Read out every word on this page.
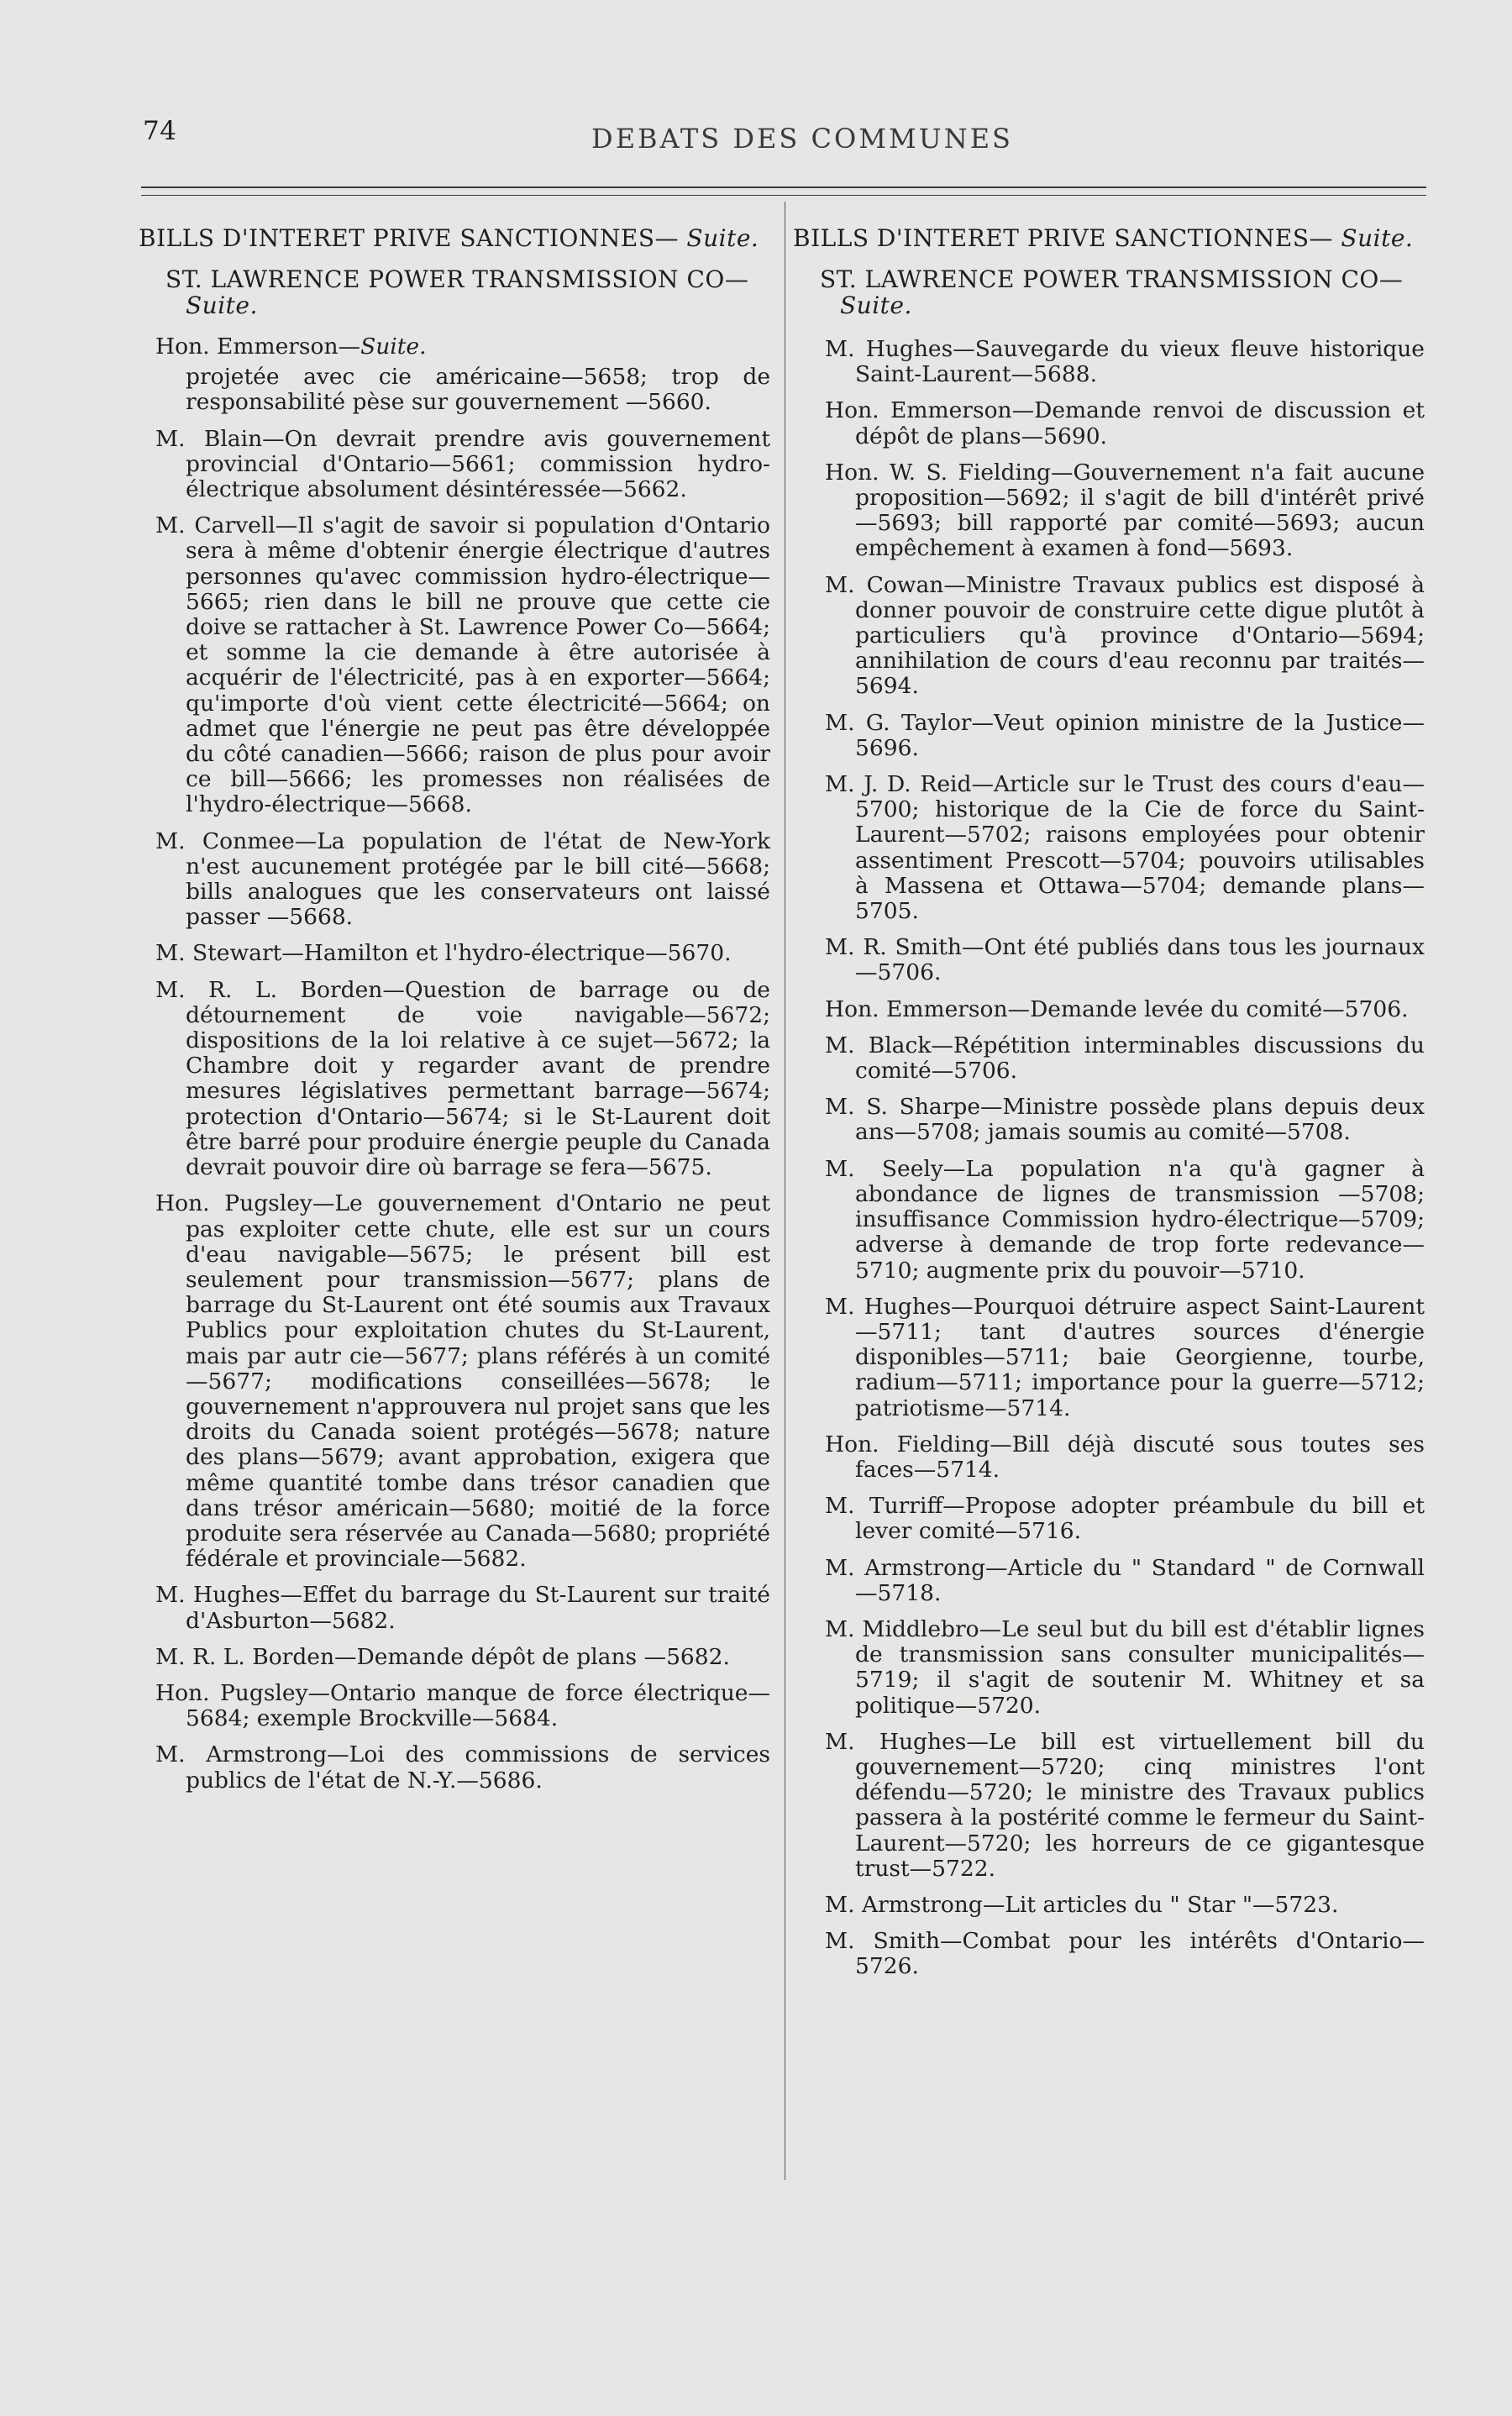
74	DEBATS DES COMMUNES
BILLS D'INTERET PRIVE SANCTIONNES— Suite.
ST. LAWRENCE POWER TRANSMISSION CO—Suite.
Hon. Emmerson—Suite.
projetée avec cie américaine—5658; trop de responsabilité pèse sur gouvernement —5660.
M. Blain—On devrait prendre avis gouvernement provincial d'Ontario—5661; commission hydro-électrique absolument désintéressée—5662.
M. Carvell—Il s'agit de savoir si population d'Ontario sera à même d'obtenir énergie électrique d'autres personnes qu'avec commission hydro-électrique—5665; rien dans le bill ne prouve que cette cie doive se rattacher à St. Lawrence Power Co—5664; et somme la cie demande à être autorisée à acquérir de l'électricité, pas à en exporter—5664; qu'importe d'où vient cette électricité—5664; on admet que l'énergie ne peut pas être développée du côté canadien—5666; raison de plus pour avoir ce bill—5666; les promesses non réalisées de l'hydro-électrique—5668.
M. Conmee—La population de l'état de New-York n'est aucunement protégée par le bill cité—5668; bills analogues que les conservateurs ont laissé passer —5668.
M. Stewart—Hamilton et l'hydro-électrique—5670.
M. R. L. Borden—Question de barrage ou de détournement de voie navigable—5672; dispositions de la loi relative à ce sujet—5672; la Chambre doit y regarder avant de prendre mesures législatives permettant barrage—5674; protection d'Ontario—5674; si le St-Laurent doit être barré pour produire énergie peuple du Canada devrait pouvoir dire où barrage se fera—5675.
Hon. Pugsley—Le gouvernement d'Ontario ne peut pas exploiter cette chute, elle est sur un cours d'eau navigable—5675; le présent bill est seulement pour transmission—5677; plans de barrage du St-Laurent ont été soumis aux Travaux Publics pour exploitation chutes du St-Laurent, mais par autr cie—5677; plans référés à un comité—5677; modifications conseillées—5678; le gouvernement n'approuvera nul projet sans que les droits du Canada soient protégés—5678; nature des plans—5679; avant approbation, exigera que même quantité tombe dans trésor canadien que dans trésor américain—5680; moitié de la force produite sera réservée au Canada—5680; propriété fédérale et provinciale—5682.
M. Hughes—Effet du barrage du St-Laurent sur traité d'Asburton—5682.
M. R. L. Borden—Demande dépôt de plans —5682.
Hon. Pugsley—Ontario manque de force électrique—5684; exemple Brockville—5684.
M. Armstrong—Loi des commissions de services publics de l'état de N.-Y.—5686.
BILLS D'INTERET PRIVE SANCTIONNES— Suite.
ST. LAWRENCE POWER TRANSMISSION CO—Suite.
M. Hughes—Sauvegarde du vieux fleuve historique Saint-Laurent—5688.
Hon. Emmerson—Demande renvoi de discussion et dépôt de plans—5690.
Hon. W. S. Fielding—Gouvernement n'a fait aucune proposition—5692; il s'agit de bill d'intérêt privé—5693; bill rapporté par comité—5693; aucun empêchement à examen à fond—5693.
M. Cowan—Ministre Travaux publics est disposé à donner pouvoir de construire cette digue plutôt à particuliers qu'à province d'Ontario—5694; annihilation de cours d'eau reconnu par traités—5694.
M. G. Taylor—Veut opinion ministre de la Justice—5696.
M. J. D. Reid—Article sur le Trust des cours d'eau—5700; historique de la Cie de force du Saint-Laurent—5702; raisons employées pour obtenir assentiment Prescott—5704; pouvoirs utilisables à Massena et Ottawa—5704; demande plans—5705.
M. R. Smith—Ont été publiés dans tous les journaux—5706.
Hon. Emmerson—Demande levée du comité—5706.
M. Black—Répétition interminables discussions du comité—5706.
M. S. Sharpe—Ministre possède plans depuis deux ans—5708; jamais soumis au comité—5708.
M. Seely—La population n'a qu'à gagner à abondance de lignes de transmission —5708; insuffisance Commission hydro-électrique—5709; adverse à demande de trop forte redevance—5710; augmente prix du pouvoir—5710.
M. Hughes—Pourquoi détruire aspect Saint-Laurent—5711; tant d'autres sources d'énergie disponibles—5711; baie Georgienne, tourbe, radium—5711; importance pour la guerre—5712; patriotisme—5714.
Hon. Fielding—Bill déjà discuté sous toutes ses faces—5714.
M. Turriff—Propose adopter préambule du bill et lever comité—5716.
M. Armstrong—Article du " Standard " de Cornwall—5718.
M. Middlebro—Le seul but du bill est d'établir lignes de transmission sans consulter municipalités—5719; il s'agit de soutenir M. Whitney et sa politique—5720.
M. Hughes—Le bill est virtuellement bill du gouvernement—5720; cinq ministres l'ont défendu—5720; le ministre des Travaux publics passera à la postérité comme le fermeur du Saint-Laurent—5720; les horreurs de ce gigantesque trust—5722.
M. Armstrong—Lit articles du " Star "—5723.
M. Smith—Combat pour les intérêts d'Ontario—5726.
